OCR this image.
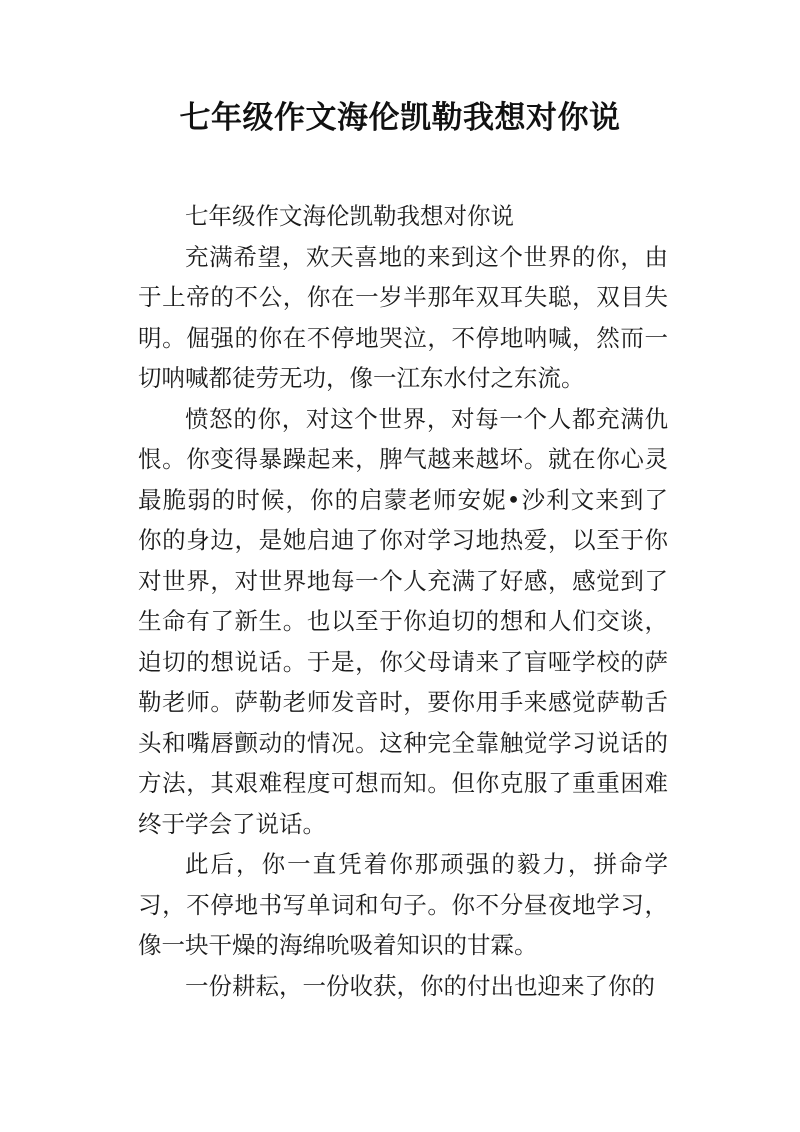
七年级作文海伦凯勒我想对你说

七年级作文海伦凯勒我想对你说

充满希望，欢天喜地的来到这个世界的你，由于上帝的不公，你在一岁半那年双耳失聪，双目失明。倔强的你在不停地哭泣，不停地呐喊，然而一切呐喊都徒劳无功，像一江东水付之东流。

愤怒的你，对这个世界，对每一个人都充满仇恨。你变得暴躁起来，脾气越来越坏。就在你心灵最脆弱的时候，你的启蒙老师安妮•沙利文来到了你的身边，是她启迪了你对学习地热爱，以至于你对世界，对世界地每一个人充满了好感，感觉到了生命有了新生。也以至于你迫切的想和人们交谈，迫切的想说话。于是，你父母请来了盲哑学校的萨勒老师。萨勒老师发音时，要你用手来感觉萨勒舌头和嘴唇颤动的情况。这种完全靠触觉学习说话的方法，其艰难程度可想而知。但你克服了重重困难终于学会了说话。

此后，你一直凭着你那顽强的毅力，拼命学习，不停地书写单词和句子。你不分昼夜地学习，像一块干燥的海绵吮吸着知识的甘霖。

一份耕耘，一份收获，你的付出也迎来了你的
